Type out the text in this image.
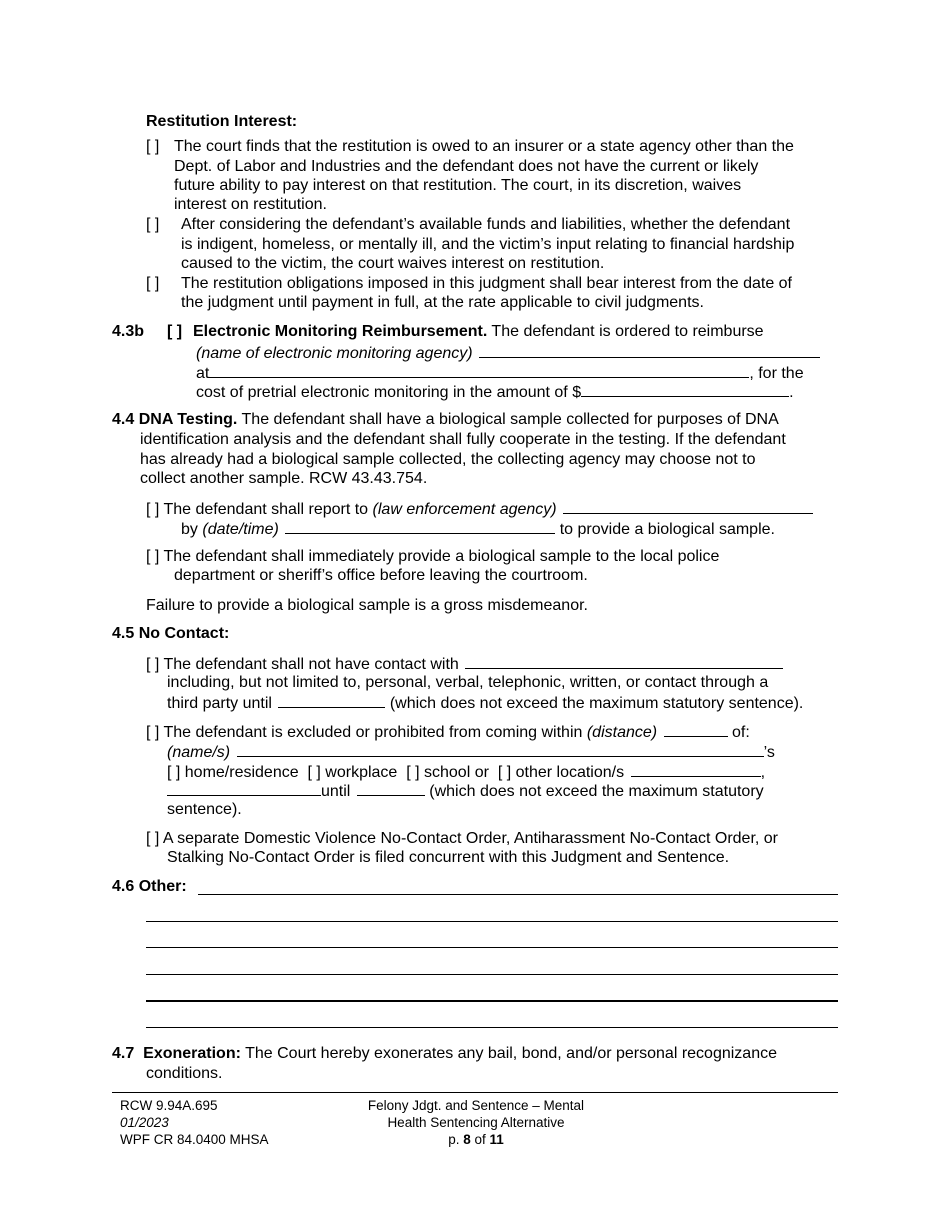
Restitution Interest:
[ ] The court finds that the restitution is owed to an insurer or a state agency other than the
Dept. of Labor and Industries and the defendant does not have the current or likely
future ability to pay interest on that restitution. The court, in its discretion, waives
interest on restitution.
[ ] After considering the defendant’s available funds and liabilities, whether the defendant
is indigent, homeless, or mentally ill, and the victim’s input relating to financial hardship
caused to the victim, the court waives interest on restitution.
[ ] The restitution obligations imposed in this judgment shall bear interest from the date of
the judgment until payment in full, at the rate applicable to civil judgments.
4.3b [ ] Electronic Monitoring Reimbursement. The defendant is ordered to reimburse
(name of electronic monitoring agency)
at	, for the
cost of pretrial electronic monitoring in the amount of $	.
4.4 DNA Testing. The defendant shall have a biological sample collected for purposes of DNA
identification analysis and the defendant shall fully cooperate in the testing. If the defendant
has already had a biological sample collected, the collecting agency may choose not to
collect another sample. RCW 43.43.754.
[ ] The defendant shall report to (law enforcement agency)
by (date/time)	to provide a biological sample.
[ ] The defendant shall immediately provide a biological sample to the local police
department or sheriff’s office before leaving the courtroom.
Failure to provide a biological sample is a gross misdemeanor.
4.5 No Contact:
[ ] The defendant shall not have contact with
including, but not limited to, personal, verbal, telephonic, written, or contact through a
third party until	(which does not exceed the maximum statutory sentence).
[ ] The defendant is excluded or prohibited from coming within (distance)	of:
(name/s)	’s
[ ] home/residence [ ] workplace [ ] school or [ ] other location/s	,
until	(which does not exceed the maximum statutory
sentence).
[ ] A separate Domestic Violence No-Contact Order, Antiharassment No-Contact Order, or
Stalking No-Contact Order is filed concurrent with this Judgment and Sentence.
4.6 Other:
4.7 Exoneration: The Court hereby exonerates any bail, bond, and/or personal recognizance
conditions.
RCW 9.94A.695
01/2023
WPF CR 84.0400 MHSA
Felony Jdgt. and Sentence – Mental
Health Sentencing Alternative
p. 8 of 11
